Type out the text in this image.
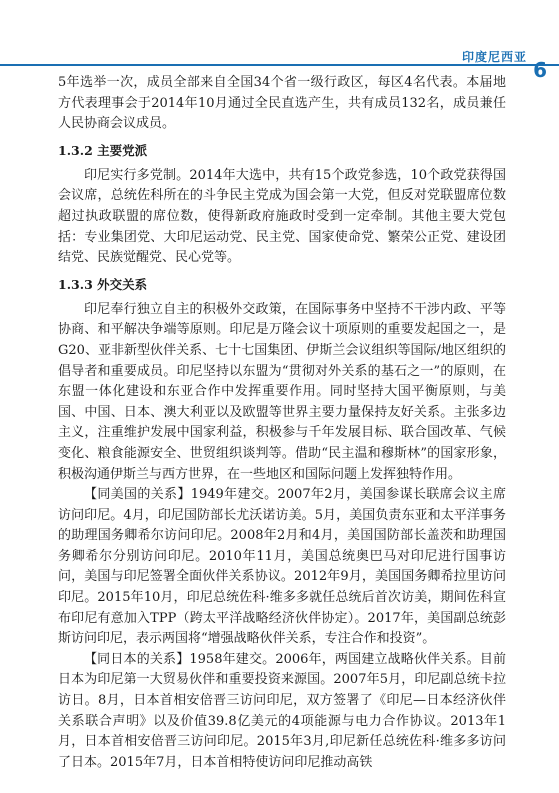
印度尼西亚
6

5年选举一次，成员全部来自全国34个省一级行政区，每区4名代表。本届地方代表理事会于2014年10月通过全民直选产生，共有成员132名，成员兼任人民协商会议成员。

1.3.2 主要党派

印尼实行多党制。2014年大选中，共有15个政党参选，10个政党获得国会议席，总统佐科所在的斗争民主党成为国会第一大党，但反对党联盟席位数超过执政联盟的席位数，使得新政府施政时受到一定牵制。其他主要大党包括：专业集团党、大印尼运动党、民主党、国家使命党、繁荣公正党、建设团结党、民族觉醒党、民心党等。

1.3.3 外交关系

印尼奉行独立自主的积极外交政策，在国际事务中坚持不干涉内政、平等协商、和平解决争端等原则。印尼是万隆会议十项原则的重要发起国之一，是G20、亚非新型伙伴关系、七十七国集团、伊斯兰会议组织等国际/地区组织的倡导者和重要成员。印尼坚持以东盟为“贯彻对外关系的基石之一”的原则，在东盟一体化建设和东亚合作中发挥重要作用。同时坚持大国平衡原则，与美国、中国、日本、澳大利亚以及欧盟等世界主要力量保持友好关系。主张多边主义，注重维护发展中国家利益，积极参与千年发展目标、联合国改革、气候变化、粮食能源安全、世贸组织谈判等。借助“民主温和穆斯林”的国家形象，积极沟通伊斯兰与西方世界，在一些地区和国际问题上发挥独特作用。

【同美国的关系】1949年建交。2007年2月，美国参谋长联席会议主席访问印尼。4月，印尼国防部长尤沃诺访美。5月，美国负责东亚和太平洋事务的助理国务卿希尔访问印尼。2008年2月和4月，美国国防部长盖茨和助理国务卿希尔分别访问印尼。2010年11月，美国总统奥巴马对印尼进行国事访问，美国与印尼签署全面伙伴关系协议。2012年9月，美国国务卿希拉里访问印尼。2015年10月，印尼总统佐科·维多多就任总统后首次访美，期间佐科宣布印尼有意加入TPP（跨太平洋战略经济伙伴协定）。2017年，美国副总统彭斯访问印尼，表示两国将“增强战略伙伴关系，专注合作和投资”。

【同日本的关系】1958年建交。2006年，两国建立战略伙伴关系。目前日本为印尼第一大贸易伙伴和重要投资来源国。2007年5月，印尼副总统卡拉访日。8月，日本首相安倍晋三访问印尼，双方签署了《印尼—日本经济伙伴关系联合声明》以及价值39.8亿美元的4项能源与电力合作协议。2013年1月，日本首相安倍晋三访问印尼。2015年3月,印尼新任总统佐科·维多多访问了日本。2015年7月，日本首相特使访问印尼推动高铁
